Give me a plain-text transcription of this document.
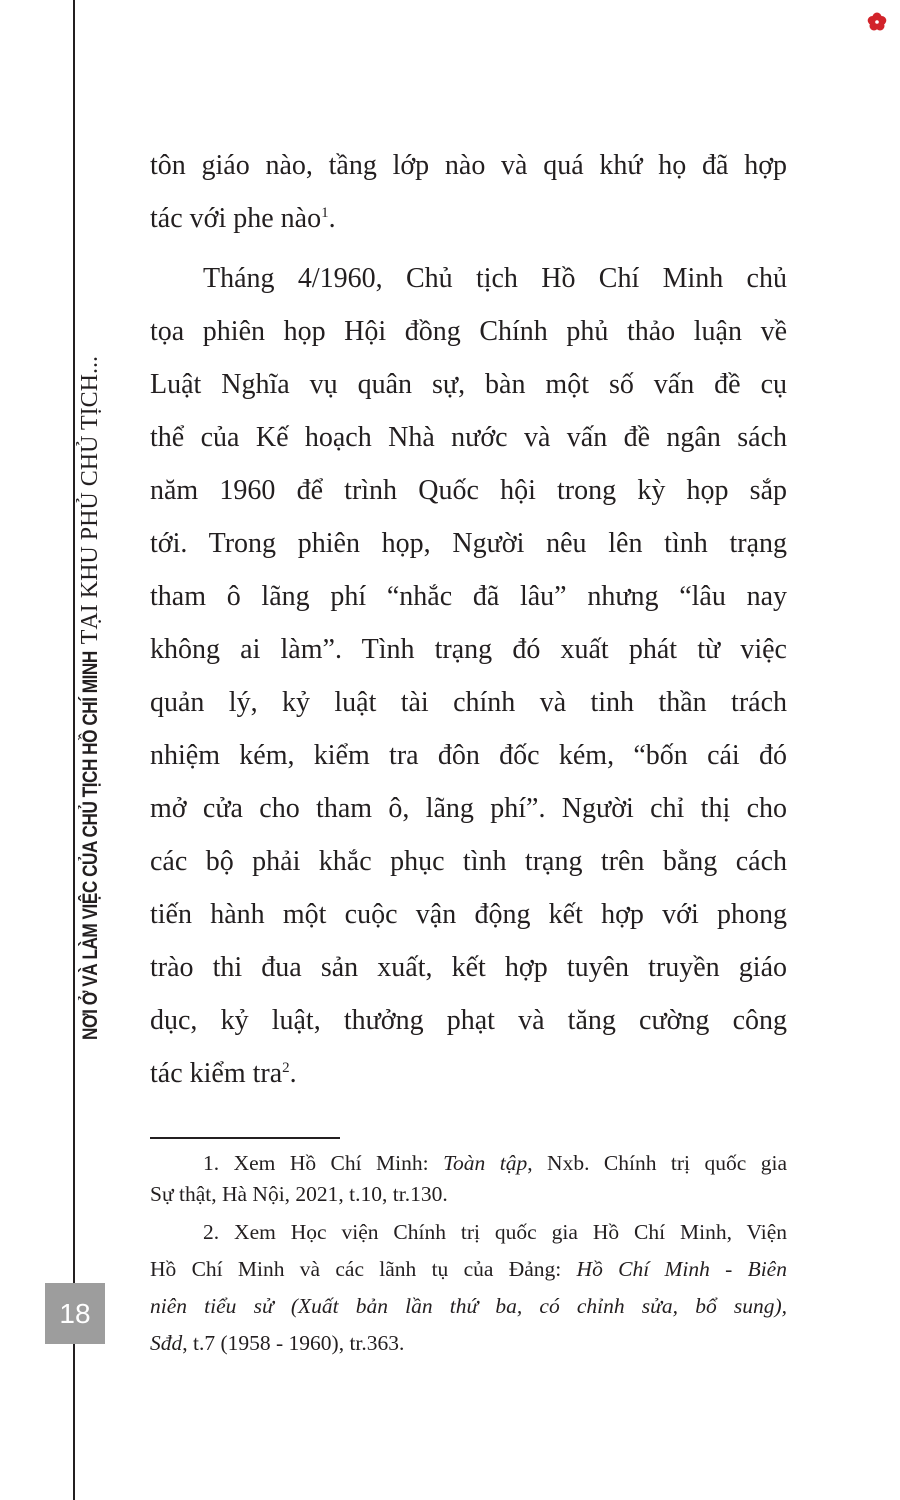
NƠI Ở VÀ LÀM VIỆC CỦA CHỦ TỊCH HỒ CHÍ MINH TẠI KHU PHỦ CHỦ TỊCH...
18
tôn giáo nào, tầng lớp nào và quá khứ họ đã hợp
tác với phe nào$^1$.
Tháng 4/1960, Chủ tịch Hồ Chí Minh chủ
tọa phiên họp Hội đồng Chính phủ thảo luận về
Luật Nghĩa vụ quân sự, bàn một số vấn đề cụ
thể của Kế hoạch Nhà nước và vấn đề ngân sách
năm 1960 để trình Quốc hội trong kỳ họp sắp
tới. Trong phiên họp, Người nêu lên tình trạng
tham ô lãng phí “nhắc đã lâu” nhưng “lâu nay
không ai làm”. Tình trạng đó xuất phát từ việc
quản lý, kỷ luật tài chính và tinh thần trách
nhiệm kém, kiểm tra đôn đốc kém, “bốn cái đó
mở cửa cho tham ô, lãng phí”. Người chỉ thị cho
các bộ phải khắc phục tình trạng trên bằng cách
tiến hành một cuộc vận động kết hợp với phong
trào thi đua sản xuất, kết hợp tuyên truyền giáo
dục, kỷ luật, thưởng phạt và tăng cường công
tác kiểm tra$^2$.
1. Xem Hồ Chí Minh: Toàn tập, Nxb. Chính trị quốc gia
Sự thật, Hà Nội, 2021, t.10, tr.130.
2. Xem Học viện Chính trị quốc gia Hồ Chí Minh, Viện
Hồ Chí Minh và các lãnh tụ của Đảng: Hồ Chí Minh - Biên
niên tiểu sử (Xuất bản lần thứ ba, có chỉnh sửa, bổ sung),
Sđd, t.7 (1958 - 1960), tr.363.
